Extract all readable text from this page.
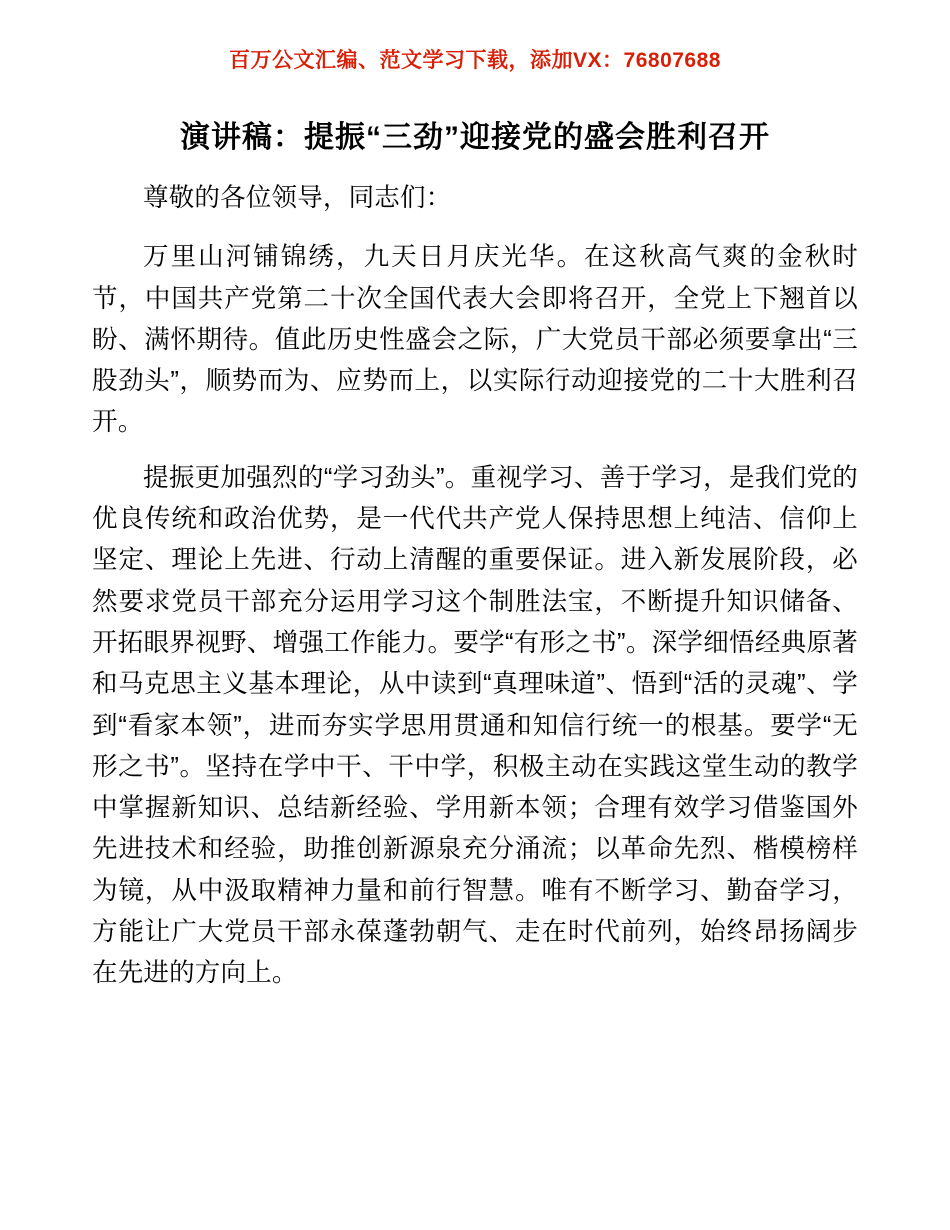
百万公文汇编、范文学习下载，添加VX：76807688
演讲稿：提振“三劲”迎接党的盛会胜利召开

尊敬的各位领导，同志们：

万里山河铺锦绣，九天日月庆光华。在这秋高气爽的金秋时节，中国共产党第二十次全国代表大会即将召开，全党上下翘首以盼、满怀期待。值此历史性盛会之际，广大党员干部必须要拿出“三股劲头”，顺势而为、应势而上，以实际行动迎接党的二十大胜利召开。

提振更加强烈的“学习劲头”。重视学习、善于学习，是我们党的优良传统和政治优势，是一代代共产党人保持思想上纯洁、信仰上坚定、理论上先进、行动上清醒的重要保证。进入新发展阶段，必然要求党员干部充分运用学习这个制胜法宝，不断提升知识储备、开拓眼界视野、增强工作能力。要学“有形之书”。深学细悟经典原著和马克思主义基本理论，从中读到“真理味道”、悟到“活的灵魂”、学到“看家本领”，进而夯实学思用贯通和知信行统一的根基。要学“无形之书”。坚持在学中干、干中学，积极主动在实践这堂生动的教学中掌握新知识、总结新经验、学用新本领；合理有效学习借鉴国外先进技术和经验，助推创新源泉充分涌流；以革命先烈、楷模榜样为镜，从中汲取精神力量和前行智慧。唯有不断学习、勤奋学习，方能让广大党员干部永葆蓬勃朝气、走在时代前列，始终昂扬阔步在先进的方向上。
